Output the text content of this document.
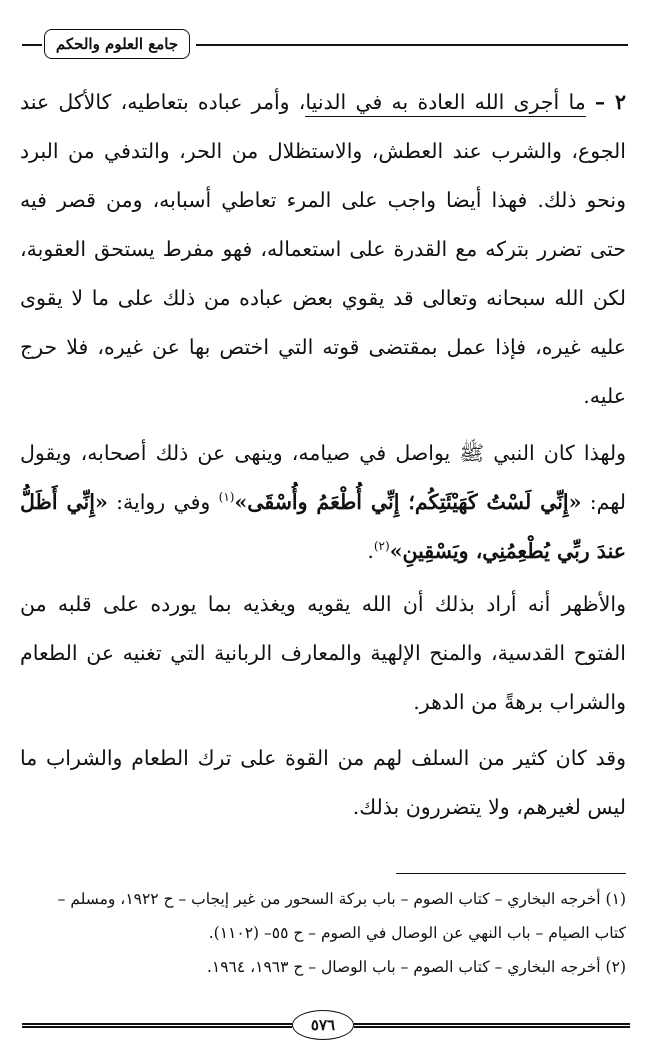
جامع العلوم والحكم

٢ – ما أجرى الله العادة به في الدنيا، وأمر عباده بتعاطيه، كالأكل عند الجوع، والشرب عند العطش، والاستظلال من الحر، والتدفي من البرد ونحو ذلك. فهذا أيضا واجب على المرء تعاطي أسبابه، ومن قصر فيه حتى تضرر بتركه مع القدرة على استعماله، فهو مفرط يستحق العقوبة، لكن الله سبحانه وتعالى قد يقوي بعض عباده من ذلك على ما لا يقوى عليه غيره، فإذا عمل بمقتضى قوته التي اختص بها عن غيره، فلا حرج عليه.

ولهذا كان النبي ﷺ يواصل في صيامه، وينهى عن ذلك أصحابه، ويقول لهم: «إِنِّي لَسْتُ كَهَيْئَتِكُم؛ إِنِّي أُطْعَمُ وأُسْقَى»$^{(١)}$ وفي رواية: «إِنِّي أَظَلُّ عندَ ربِّي يُطْعِمُنِي، ويَسْقِينِ»$^{(٢)}$.

والأظهر أنه أراد بذلك أن الله يقويه ويغذيه بما يورده على قلبه من الفتوح القدسية، والمنح الإلهية والمعارف الربانية التي تغنيه عن الطعام والشراب برهةً من الدهر.

وقد كان كثير من السلف لهم من القوة على ترك الطعام والشراب ما ليس لغيرهم، ولا يتضررون بذلك.

(١) أخرجه البخاري – كتاب الصوم – باب بركة السحور من غير إيجاب – ح ١٩٢٢، ومسلم – كتاب الصيام – باب النهي عن الوصال في الصوم – ح ٥٥– (١١٠٢).

(٢) أخرجه البخاري – كتاب الصوم – باب الوصال – ح ١٩٦٣، ١٩٦٤.

٥٧٦
